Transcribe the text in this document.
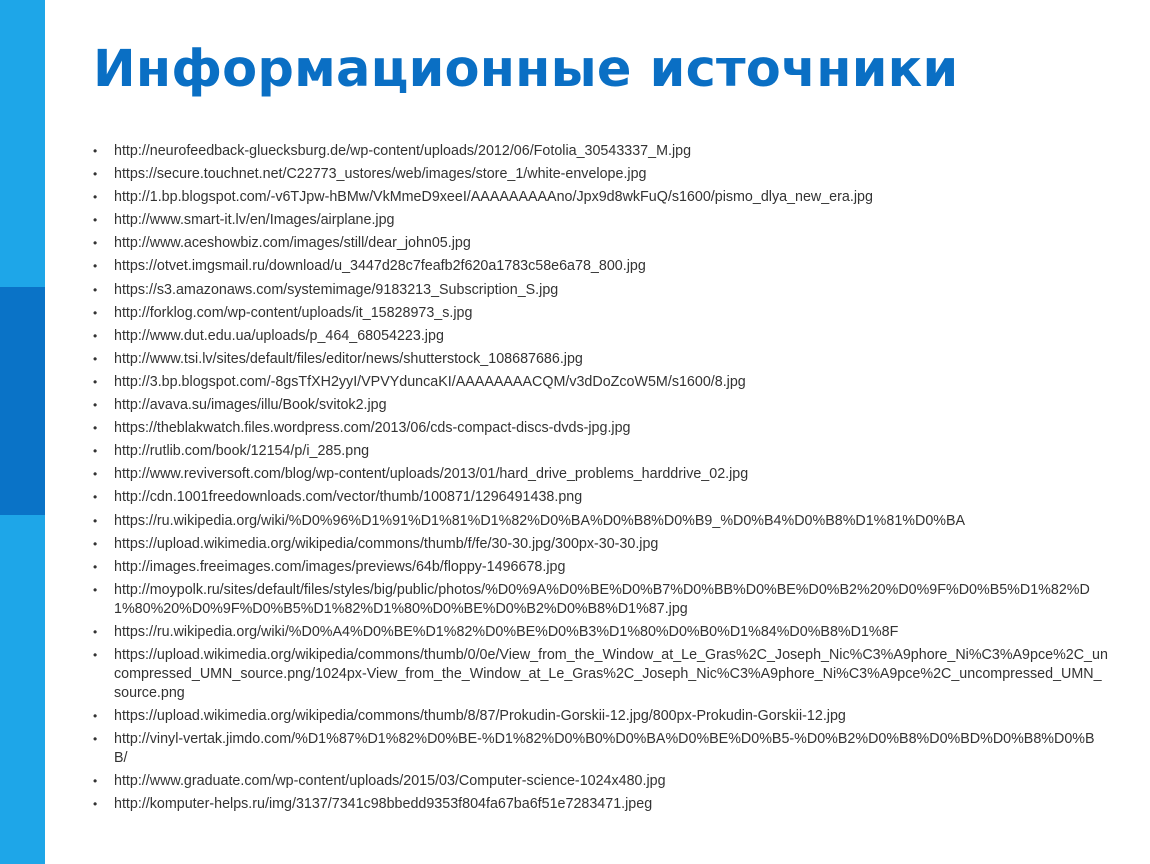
Информационные источники
• http://neurofeedback-gluecksburg.de/wp-content/uploads/2012/06/Fotolia_30543337_M.jpg
• https://secure.touchnet.net/C22773_ustores/web/images/store_1/white-envelope.jpg
• http://1.bp.blogspot.com/-v6TJpw-hBMw/VkMmeD9xeeI/AAAAAAAAAno/Jpx9d8wkFuQ/s1600/pismo_dlya_new_era.jpg
• http://www.smart-it.lv/en/Images/airplane.jpg
• http://www.aceshowbiz.com/images/still/dear_john05.jpg
• https://otvet.imgsmail.ru/download/u_3447d28c7feafb2f620a1783c58e6a78_800.jpg
• https://s3.amazonaws.com/systemimage/9183213_Subscription_S.jpg
• http://forklog.com/wp-content/uploads/it_15828973_s.jpg
• http://www.dut.edu.ua/uploads/p_464_68054223.jpg
• http://www.tsi.lv/sites/default/files/editor/news/shutterstock_108687686.jpg
• http://3.bp.blogspot.com/-8gsTfXH2yyI/VPVYduncaKI/AAAAAAAACQM/v3dDoZcoW5M/s1600/8.jpg
• http://avava.su/images/illu/Book/svitok2.jpg
• https://theblakwatch.files.wordpress.com/2013/06/cds-compact-discs-dvds-jpg.jpg
• http://rutlib.com/book/12154/p/i_285.png
• http://www.reviversoft.com/blog/wp-content/uploads/2013/01/hard_drive_problems_harddrive_02.jpg
• http://cdn.1001freedownloads.com/vector/thumb/100871/1296491438.png
• https://ru.wikipedia.org/wiki/%D0%96%D1%91%D1%81%D1%82%D0%BA%D0%B8%D0%B9_%D0%B4%D0%B8%D1%81%D0%BA
• https://upload.wikimedia.org/wikipedia/commons/thumb/f/fe/30-30.jpg/300px-30-30.jpg
• http://images.freeimages.com/images/previews/64b/floppy-1496678.jpg
• http://moypolk.ru/sites/default/files/styles/big/public/photos/%D0%9A%D0%BE%D0%B7%D0%BB%D0%BE%D0%B2%20%D0%9F%D0%B5%D1%82%D1%80%20%D0%9F%D0%B5%D1%82%D1%80%D0%BE%D0%B2%D0%B8%D1%87.jpg
• https://ru.wikipedia.org/wiki/%D0%A4%D0%BE%D1%82%D0%BE%D0%B3%D1%80%D0%B0%D1%84%D0%B8%D1%8F
• https://upload.wikimedia.org/wikipedia/commons/thumb/0/0e/View_from_the_Window_at_Le_Gras%2C_Joseph_Nic%C3%A9phore_Ni%C3%A9pce%2C_uncompressed_UMN_source.png/1024px-View_from_the_Window_at_Le_Gras%2C_Joseph_Nic%C3%A9phore_Ni%C3%A9pce%2C_uncompressed_UMN_source.png
• https://upload.wikimedia.org/wikipedia/commons/thumb/8/87/Prokudin-Gorskii-12.jpg/800px-Prokudin-Gorskii-12.jpg
• http://vinyl-vertak.jimdo.com/%D1%87%D1%82%D0%BE-%D1%82%D0%B0%D0%BA%D0%BE%D0%B5-%D0%B2%D0%B8%D0%BD%D0%B8%D0%BB/
• http://www.graduate.com/wp-content/uploads/2015/03/Computer-science-1024x480.jpg
• http://komputer-helps.ru/img/3137/7341c98bbedd9353f804fa67ba6f51e7283471.jpeg
